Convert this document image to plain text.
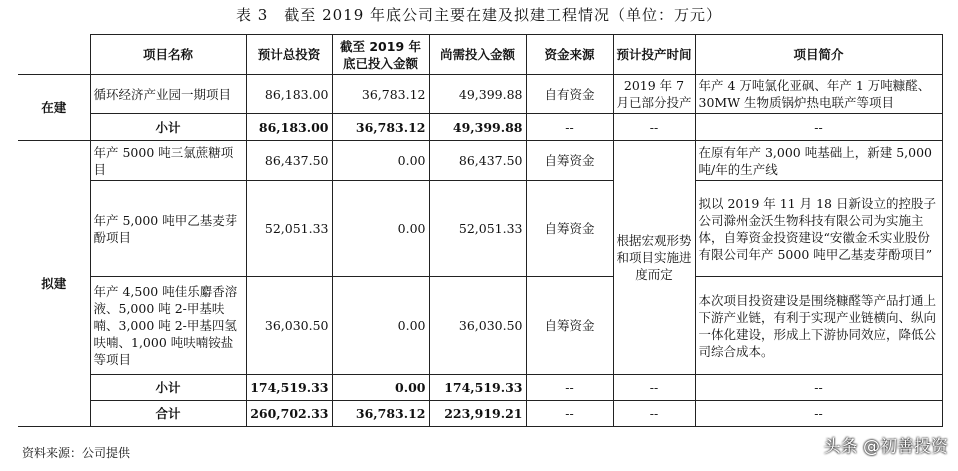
表 3　截至 2019 年底公司主要在建及拟建工程情况（单位：万元）
	项目名称	预计总投资	截至 2019 年底已投入金额	尚需投入金额	资金来源	预计投产时间	项目简介
在建	循环经济产业园一期项目	86,183.00	36,783.12	49,399.88	自有资金	2019 年 7 月已部分投产	年产 4 万吨氯化亚砜、年产 1 万吨糠醛、30MW 生物质锅炉热电联产等项目
	小计	86,183.00	36,783.12	49,399.88	--	--	--
拟建	年产 5000 吨三氯蔗糖项目	86,437.50	0.00	86,437.50	自筹资金	根据宏观形势和项目实施进度而定	在原有年产 3,000 吨基础上，新建 5,000 吨/年的生产线
	年产 5,000 吨甲乙基麦芽酚项目	52,051.33	0.00	52,051.33	自筹资金		拟以 2019 年 11 月 18 日新设立的控股子公司滁州金沃生物科技有限公司为实施主体，自筹资金投资建设“安徽金禾实业股份有限公司年产 5000 吨甲乙基麦芽酚项目”
	年产 4,500 吨佳乐麝香溶液、5,000 吨 2-甲基呋喃、3,000 吨 2-甲基四氢呋喃、1,000 吨呋喃铵盐等项目	36,030.50	0.00	36,030.50	自筹资金		本次项目投资建设是围绕糠醛等产品打通上下游产业链，有利于实现产业链横向、纵向一体化建设，形成上下游协同效应，降低公司综合成本。
	小计	174,519.33	0.00	174,519.33	--	--	--
	合计	260,702.33	36,783.12	223,919.21	--	--	--
资料来源：公司提供	头条 @初善投资
